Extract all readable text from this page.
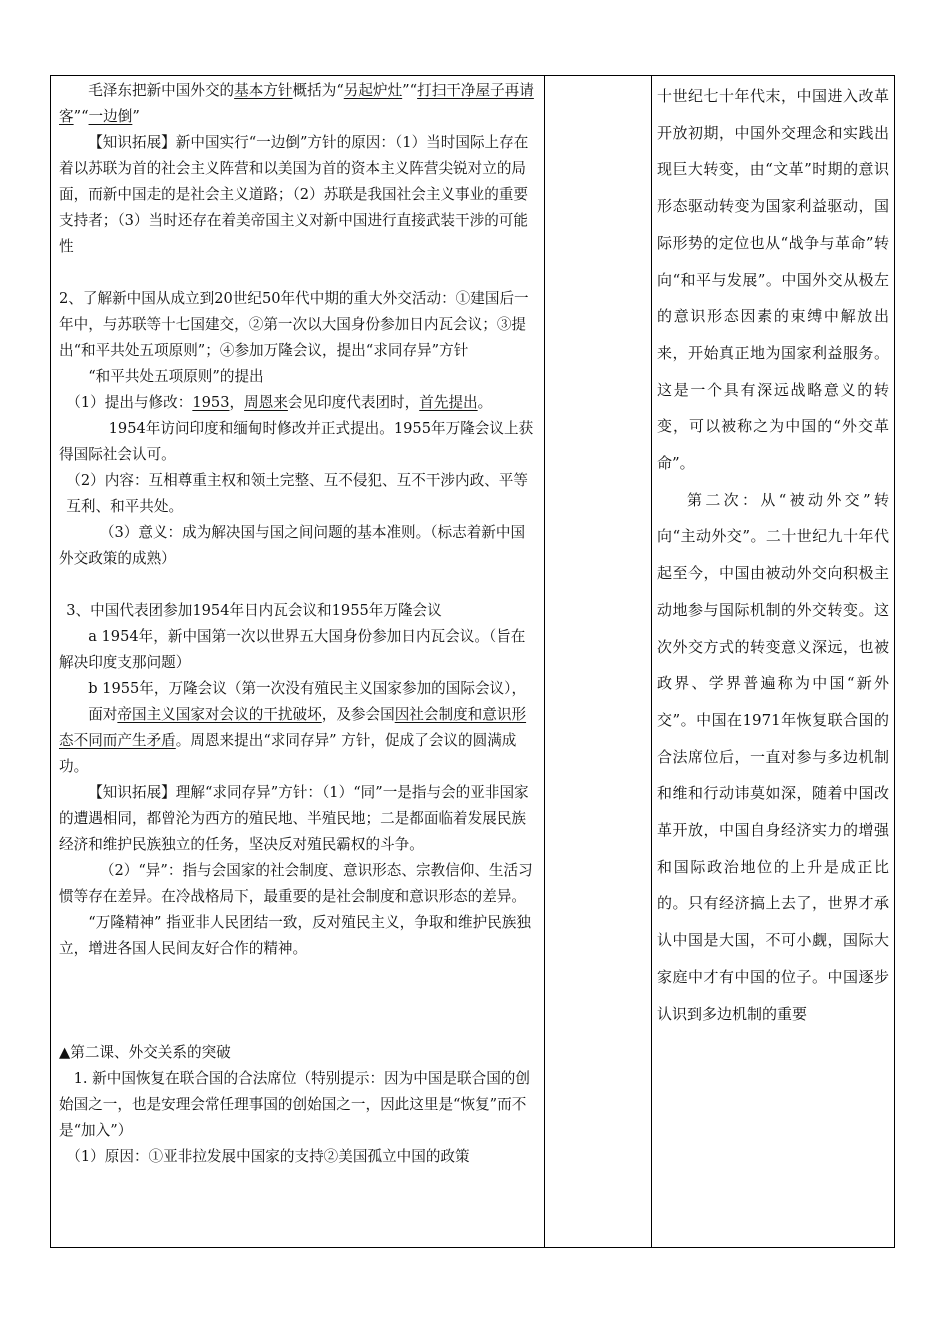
毛泽东把新中国外交的基本方针概括为“另起炉灶”“打扫干净屋子再请客”“一边倒”

【知识拓展】新中国实行“一边倒”方针的原因：（1）当时国际上存在着以苏联为首的社会主义阵营和以美国为首的资本主义阵营尖锐对立的局面，而新中国走的是社会主义道路；（2）苏联是我国社会主义事业的重要支持者；（3）当时还存在着美帝国主义对新中国进行直接武装干涉的可能性

2、了解新中国从成立到20世纪50年代中期的重大外交活动：①建国后一年中，与苏联等十七国建交，②第一次以大国身份参加日内瓦会议；③提出“和平共处五项原则”；④参加万隆会议，提出“求同存异”方针

“和平共处五项原则”的提出

（1）提出与修改：1953，周恩来会见印度代表团时，首先提出。

1954年访问印度和缅甸时修改并正式提出。1955年万隆会议上获得国际社会认可。

（2）内容：互相尊重主权和领土完整、互不侵犯、互不干涉内政、平等互利、和平共处。

（3）意义：成为解决国与国之间问题的基本准则。（标志着新中国外交政策的成熟）

3、中国代表团参加1954年日内瓦会议和1955年万隆会议

a 1954年，新中国第一次以世界五大国身份参加日内瓦会议。（旨在解决印度支那问题）

b 1955年，万隆会议（第一次没有殖民主义国家参加的国际会议），

面对帝国主义国家对会议的干扰破坏，及参会国因社会制度和意识形态不同而产生矛盾。周恩来提出“求同存异” 方针，促成了会议的圆满成功。

【知识拓展】理解“求同存异”方针：（1）“同”一是指与会的亚非国家的遭遇相同，都曾沦为西方的殖民地、半殖民地；二是都面临着发展民族经济和维护民族独立的任务，坚决反对殖民霸权的斗争。

（2）“异”：指与会国家的社会制度、意识形态、宗教信仰、生活习惯等存在差异。在冷战格局下，最重要的是社会制度和意识形态的差异。

“万隆精神” 指亚非人民团结一致，反对殖民主义，争取和维护民族独立，增进各国人民间友好合作的精神。

▲第二课、外交关系的突破

1. 新中国恢复在联合国的合法席位（特别提示：因为中国是联合国的创始国之一，也是安理会常任理事国的创始国之一，因此这里是“恢复”而不是“加入”）

（1）原因：①亚非拉发展中国家的支持②美国孤立中国的政策

十世纪七十年代末，中国进入改革开放初期，中国外交理念和实践出现巨大转变，由“文革”时期的意识形态驱动转变为国家利益驱动，国际形势的定位也从“战争与革命”转向“和平与发展”。中国外交从极左的意识形态因素的束缚中解放出来，开始真正地为国家利益服务。这是一个具有深远战略意义的转变，可以被称之为中国的“外交革命”。

第二次：从“被动外交”转向“主动外交”。二十世纪九十年代起至今，中国由被动外交向积极主动地参与国际机制的外交转变。这次外交方式的转变意义深远，也被政界、学界普遍称为中国“新外交”。中国在1971年恢复联合国的合法席位后，一直对参与多边机制和维和行动讳莫如深，随着中国改革开放，中国自身经济实力的增强和国际政治地位的上升是成正比的。只有经济搞上去了，世界才承认中国是大国，不可小觑，国际大家庭中才有中国的位子。中国逐步认识到多边机制的重要
